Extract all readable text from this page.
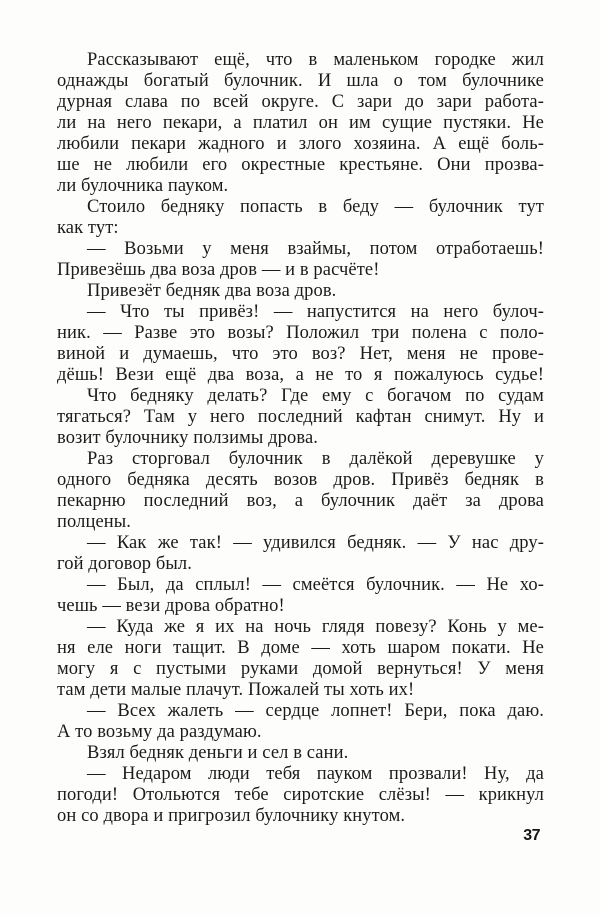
Рассказывают ещё, что в маленьком городке жил
однажды богатый булочник. И шла о том булочнике
дурная слава по всей округе. С зари до зари работа-
ли на него пекари, а платил он им сущие пустяки. Не
любили пекари жадного и злого хозяина. А ещё боль-
ше не любили его окрестные крестьяне. Они прозва-
ли булочника пауком.
Стоило бедняку попасть в беду — булочник тут
как тут:
— Возьми у меня взаймы, потом отработаешь!
Привезёшь два воза дров — и в расчёте!
Привезёт бедняк два воза дров.
— Что ты привёз! — напустится на него булоч-
ник. — Разве это возы? Положил три полена с поло-
виной и думаешь, что это воз? Нет, меня не прове-
дёшь! Вези ещё два воза, а не то я пожалуюсь судье!
Что бедняку делать? Где ему с богачом по судам
тягаться? Там у него последний кафтан снимут. Ну и
возит булочнику ползимы дрова.
Раз сторговал булочник в далёкой деревушке у
одного бедняка десять возов дров. Привёз бедняк в
пекарню последний воз, а булочник даёт за дрова
полцены.
— Как же так! — удивился бедняк. — У нас дру-
гой договор был.
— Был, да сплыл! — смеётся булочник. — Не хо-
чешь — вези дрова обратно!
— Куда же я их на ночь глядя повезу? Конь у ме-
ня еле ноги тащит. В доме — хоть шаром покати. Не
могу я с пустыми руками домой вернуться! У меня
там дети малые плачут. Пожалей ты хоть их!
— Всех жалеть — сердце лопнет! Бери, пока даю.
А то возьму да раздумаю.
Взял бедняк деньги и сел в сани.
— Недаром люди тебя пауком прозвали! Ну, да
погоди! Отольются тебе сиротские слёзы! — крикнул
он со двора и пригрозил булочнику кнутом.
37
